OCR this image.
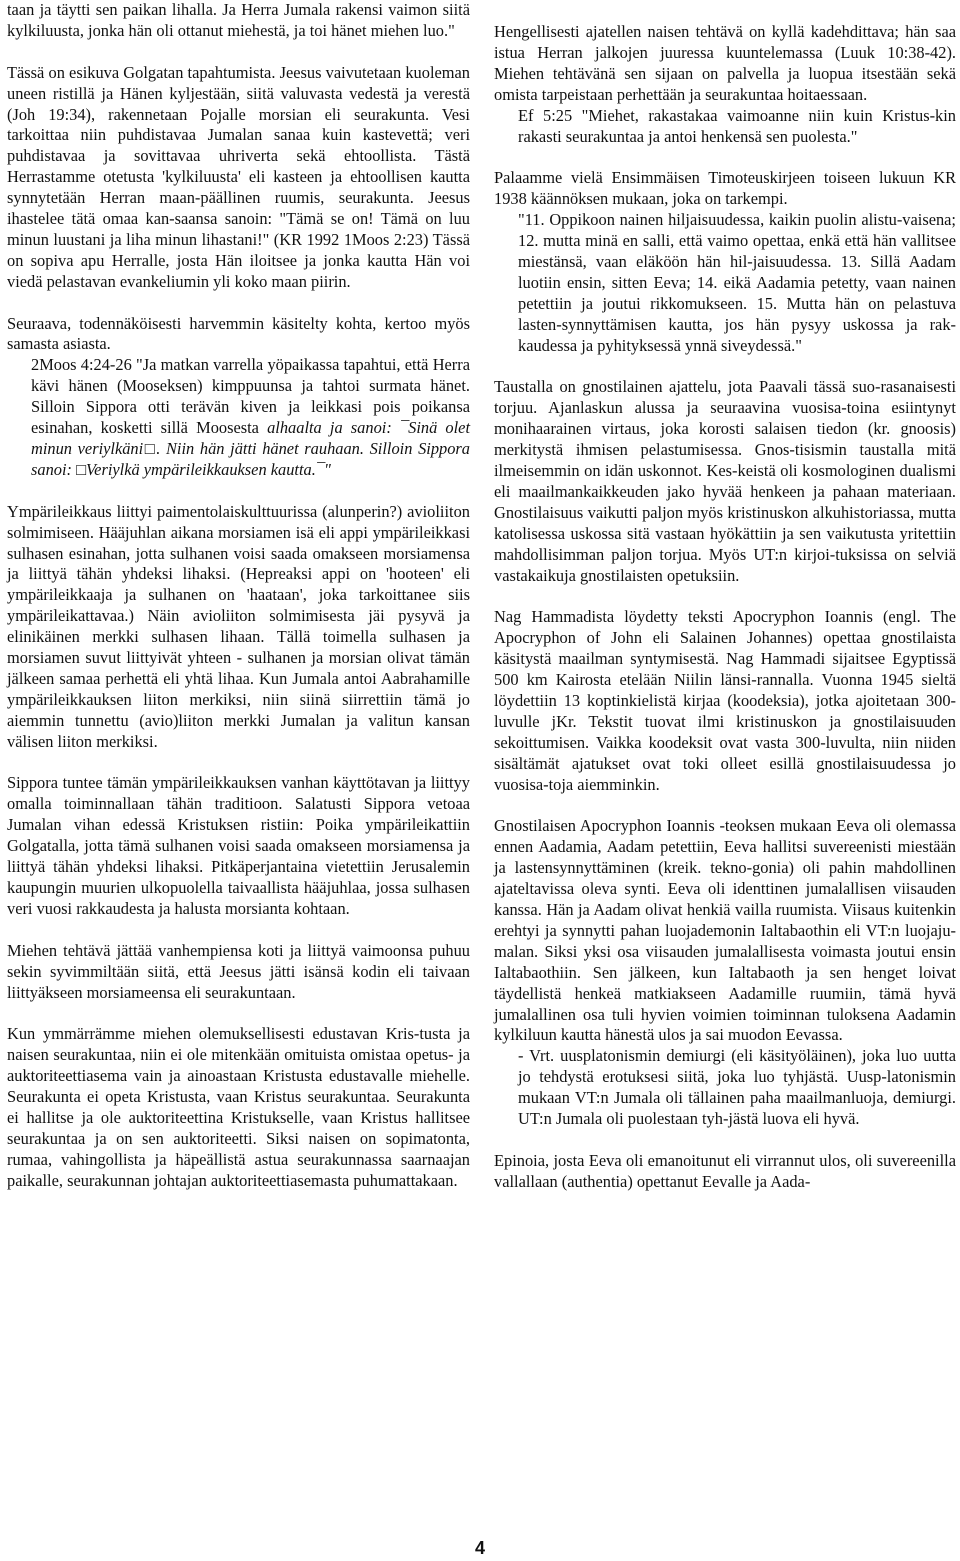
taan ja täytti sen paikan lihalla. Ja Herra Jumala rakensi vaimon siitä kylkiluusta, jonka hän oli ottanut miehestä, ja toi hänet miehen luo."

Tässä on esikuva Golgatan tapahtumista. Jeesus vaivutetaan kuoleman uneen ristillä ja Hänen kyljestään, siitä valuvasta vedestä ja verestä (Joh 19:34), rakennetaan Pojalle morsian eli seurakunta. Vesi tarkoittaa niin puhdistavaa Jumalan sanaa kuin kastevettä; veri puhdistavaa ja sovittavaa uhriverta sekä ehtoollista. Tästä Herrastamme otetusta 'kylkiluusta' eli kasteen ja ehtoollisen kautta synnytetään Herran maan-päällinen ruumis, seurakunta. Jeesus ihastelee tätä omaa kan-saansa sanoin: "Tämä se on! Tämä on luu minun luustani ja liha minun lihastani!" (KR 1992 1Moos 2:23) Tässä on sopiva apu Herralle, josta Hän iloitsee ja jonka kautta Hän voi viedä pelastavan evankeliumin yli koko maan piirin.

Seuraava, todennäköisesti harvemmin käsitelty kohta, kertoo myös samasta asiasta.

2Moos 4:24-26 "Ja matkan varrella yöpaikassa tapahtui, että Herra kävi hänen (Mooseksen) kimppuunsa ja tahtoi surmata hänet. Silloin Sippora otti terävän kiven ja leikkasi pois poikansa esinahan, kosketti sillä Moosesta alhaalta ja sanoi: ¯Sinä olet minun veriylkäni□. Niin hän jätti hänet rauhaan. Silloin Sippora sanoi: □Veriylkä ympärileikkauksen kautta.¯"

Ympärileikkaus liittyi paimentolaiskulttuurissa (alunperin?) avioliiton solmimiseen. Hääjuhlan aikana morsiamen isä eli appi ympärileikkasi sulhasen esinahan, jotta sulhanen voisi saada omakseen morsiamensa ja liittyä tähän yhdeksi lihaksi. (Hepreaksi appi on 'hooteen' eli ympärileikkaaja ja sulhanen on 'haataan', joka tarkoittanee siis ympärileikattavaa.) Näin avioliiton solmimisesta jäi pysyvä ja elinikäinen merkki sulhasen lihaan. Tällä toimella sulhasen ja morsiamen suvut liittyivät yhteen - sulhanen ja morsian olivat tämän jälkeen samaa perhettä eli yhtä lihaa. Kun Jumala antoi Aabrahamille ympärileikkauksen liiton merkiksi, niin siinä siirrettiin tämä jo aiemmin tunnettu (avio)liiton merkki Jumalan ja valitun kansan välisen liiton merkiksi.

Sippora tuntee tämän ympärileikkauksen vanhan käyttötavan ja liittyy omalla toiminnallaan tähän traditioon. Salatusti Sippora vetoaa Jumalan vihan edessä Kristuksen ristiin: Poika ympärileikattiin Golgatalla, jotta tämä sulhanen voisi saada omakseen morsiamensa ja liittyä tähän yhdeksi lihaksi. Pitkäperjantaina vietettiin Jerusalemin kaupungin muurien ulkopuolella taivaallista hääjuhlaa, jossa sulhasen veri vuosi rakkaudesta ja halusta morsianta kohtaan.

Miehen tehtävä jättää vanhempiensa koti ja liittyä vaimoonsa puhuu sekin syvimmiltään siitä, että Jeesus jätti isänsä kodin eli taivaan liittyäkseen morsiameensa eli seurakuntaan.

Kun ymmärrämme miehen olemuksellisesti edustavan Kris-tusta ja naisen seurakuntaa, niin ei ole mitenkään omituista omistaa opetus- ja auktoriteettiasema vain ja ainoastaan Kristusta edustavalle miehelle. Seurakunta ei opeta Kristusta, vaan Kristus seurakuntaa. Seurakunta ei hallitse ja ole auktoriteettina Kristukselle, vaan Kristus hallitsee seurakuntaa ja on sen auktoriteetti. Siksi naisen on sopimatonta, rumaa, vahingollista ja häpeällistä astua seurakunnassa saarnaajan paikalle, seurakunnan johtajan auktoriteettiasemasta puhumattakaan.

Hengellisesti ajatellen naisen tehtävä on kyllä kadehdittava; hän saa istua Herran jalkojen juuressa kuuntelemassa (Luuk 10:38-42). Miehen tehtävänä sen sijaan on palvella ja luopua itsestään sekä omista tarpeistaan perhettään ja seurakuntaa hoitaessaan.

Ef 5:25 "Miehet, rakastakaa vaimoanne niin kuin Kristus-kin rakasti seurakuntaa ja antoi henkensä sen puolesta."

Palaamme vielä Ensimmäisen Timoteuskirjeen toiseen lukuun KR 1938 käännöksen mukaan, joka on tarkempi.

"11. Oppikoon nainen hiljaisuudessa, kaikin puolin alistu-vaisena; 12. mutta minä en salli, että vaimo opettaa, enkä että hän vallitsee miestänsä, vaan eläköön hän hil-jaisuudessa. 13. Sillä Aadam luotiin ensin, sitten Eeva; 14. eikä Aadamia petetty, vaan nainen petettiin ja joutui rikkomukseen. 15. Mutta hän on pelastuva lasten-synnyttämisen kautta, jos hän pysyy uskossa ja rak-kaudessa ja pyhityksessä ynnä siveydessä."

Taustalla on gnostilainen ajattelu, jota Paavali tässä suo-rasanaisesti torjuu. Ajanlaskun alussa ja seuraavina vuosisa-toina esiintynyt monihaarainen virtaus, joka korosti salaisen tiedon (kr. gnoosis) merkitystä ihmisen pelastumisessa. Gnos-tisismin taustalla mitä ilmeisemmin on idän uskonnot. Kes-keistä oli kosmologinen dualismi eli maailmankaikkeuden jako hyvää henkeen ja pahaan materiaan. Gnostilaisuus vaikutti paljon myös kristinuskon alkuhistoriassa, mutta katolisessa uskossa sitä vastaan hyökättiin ja sen vaikutusta yritettiin mahdollisimman paljon torjua. Myös UT:n kirjoi-tuksissa on selviä vastakaikuja gnostilaisten opetuksiin.

Nag Hammadista löydetty teksti Apocryphon Ioannis (engl. The Apocryphon of John eli Salainen Johannes) opettaa gnostilaista käsitystä maailman syntymisestä. Nag Hammadi sijaitsee Egyptissä 500 km Kairosta etelään Niilin länsi-rannalla. Vuonna 1945 sieltä löydettiin 13 koptinkielistä kirjaa (koodeksia), jotka ajoitetaan 300-luvulle jKr. Tekstit tuovat ilmi kristinuskon ja gnostilaisuuden sekoittumisen. Vaikka koodeksit ovat vasta 300-luvulta, niin niiden sisältämät ajatukset ovat toki olleet esillä gnostilaisuudessa jo vuosisa-toja aiemminkin.

Gnostilaisen Apocryphon Ioannis -teoksen mukaan Eeva oli olemassa ennen Aadamia, Aadam petettiin, Eeva hallitsi suvereenisti miestään ja lastensynnyttäminen (kreik. tekno-gonia) oli pahin mahdollinen ajateltavissa oleva synti. Eeva oli identtinen jumalallisen viisauden kanssa. Hän ja Aadam olivat henkiä vailla ruumista. Viisaus kuitenkin erehtyi ja synnytti pahan luojademonin Ialtabaothin eli VT:n luojaju-malan. Siksi yksi osa viisauden jumalallisesta voimasta joutui ensin Ialtabaothiin. Sen jälkeen, kun Ialtabaoth ja sen henget loivat täydellistä henkeä matkiakseen Aadamille ruumiin, tämä hyvä jumalallinen osa tuli hyvien voimien toiminnan tuloksena Aadamin kylkiluun kautta hänestä ulos ja sai muodon Eevassa.

- Vrt. uusplatonismin demiurgi (eli käsityöläinen), joka luo uutta jo tehdystä erotuksesi siitä, joka luo tyhjästä. Uusp-latonismin mukaan VT:n Jumala oli tällainen paha maailmanluoja, demiurgi. UT:n Jumala oli puolestaan tyh-jästä luova eli hyvä.

Epinoia, josta Eeva oli emanoitunut eli virrannut ulos, oli suvereenilla vallallaan (authentia) opettanut Eevalle ja Aada-

4
